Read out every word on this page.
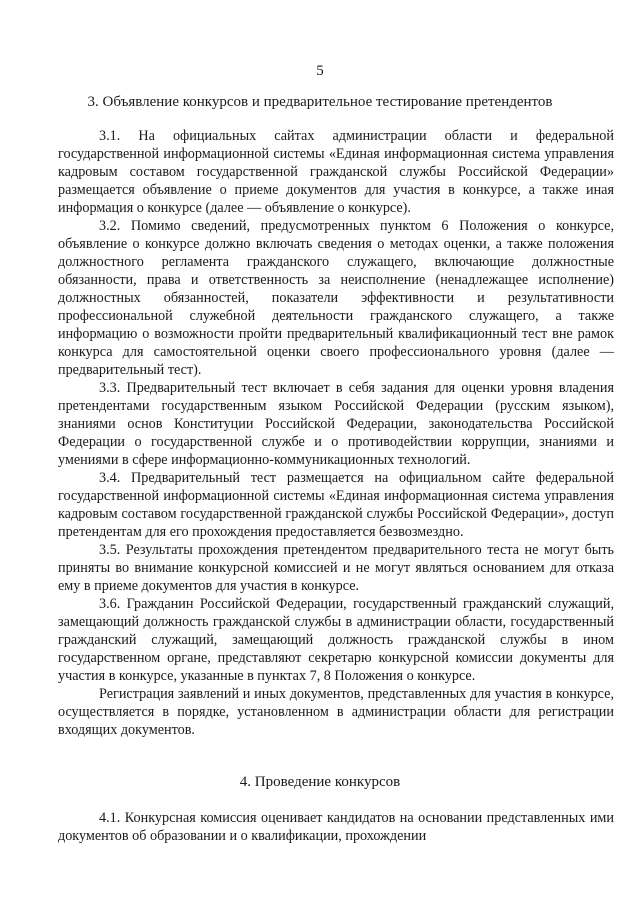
5
3. Объявление конкурсов и предварительное тестирование претендентов

3.1. На официальных сайтах администрации области и федеральной государственной информационной системы «Единая информационная система управления кадровым составом государственной гражданской службы Российской Федерации» размещается объявление о приеме документов для участия в конкурсе, а также иная информация о конкурсе (далее — объявление о конкурсе).

3.2. Помимо сведений, предусмотренных пунктом 6 Положения о конкурсе, объявление о конкурсе должно включать сведения о методах оценки, а также положения должностного регламента гражданского служащего, включающие должностные обязанности, права и ответственность за неисполнение (ненадлежащее исполнение) должностных обязанностей, показатели эффективности и результативности профессиональной служебной деятельности гражданского служащего, а также информацию о возможности пройти предварительный квалификационный тест вне рамок конкурса для самостоятельной оценки своего профессионального уровня (далее — предварительный тест).

3.3. Предварительный тест включает в себя задания для оценки уровня владения претендентами государственным языком Российской Федерации (русским языком), знаниями основ Конституции Российской Федерации, законодательства Российской Федерации о государственной службе и о противодействии коррупции, знаниями и умениями в сфере информационно-коммуникационных технологий.

3.4. Предварительный тест размещается на официальном сайте федеральной государственной информационной системы «Единая информационная система управления кадровым составом государственной гражданской службы Российской Федерации», доступ претендентам для его прохождения предоставляется безвозмездно.

3.5. Результаты прохождения претендентом предварительного теста не могут быть приняты во внимание конкурсной комиссией и не могут являться основанием для отказа ему в приеме документов для участия в конкурсе.

3.6. Гражданин Российской Федерации, государственный гражданский служащий, замещающий должность гражданской службы в администрации области, государственный гражданский служащий, замещающий должность гражданской службы в ином государственном органе, представляют секретарю конкурсной комиссии документы для участия в конкурсе, указанные в пунктах 7, 8 Положения о конкурсе.

Регистрация заявлений и иных документов, представленных для участия в конкурсе, осуществляется в порядке, установленном в администрации области для регистрации входящих документов.

4. Проведение конкурсов

4.1. Конкурсная комиссия оценивает кандидатов на основании представленных ими документов об образовании и о квалификации, прохождении
